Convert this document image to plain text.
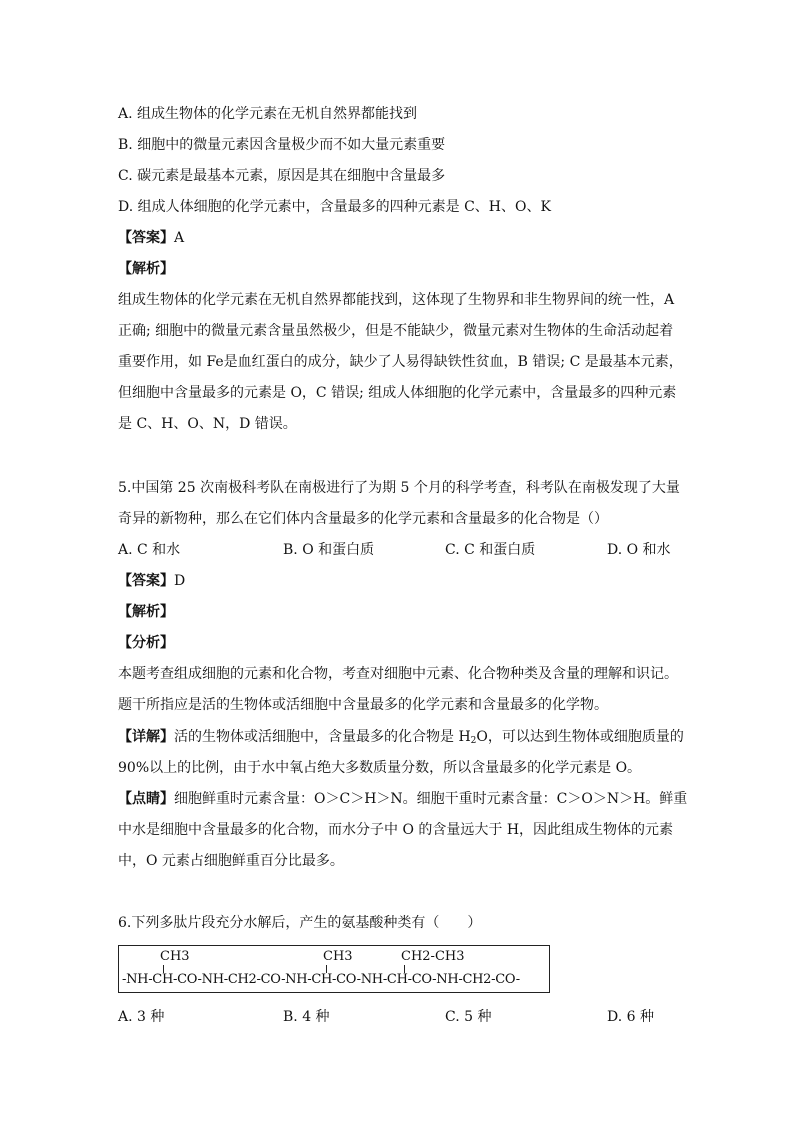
A. 组成生物体的化学元素在无机自然界都能找到
B. 细胞中的微量元素因含量极少而不如大量元素重要
C. 碳元素是最基本元素，原因是其在细胞中含量最多
D. 组成人体细胞的化学元素中，含量最多的四种元素是 C、H、O、K
【答案】A
【解析】
组成生物体的化学元素在无机自然界都能找到，这体现了生物界和非生物界间的统一性，A
正确; 细胞中的微量元素含量虽然极少，但是不能缺少，微量元素对生物体的生命活动起着
重要作用，如 Fe是血红蛋白的成分，缺少了人易得缺铁性贫血，B 错误; C 是最基本元素，
但细胞中含量最多的元素是 O，C 错误; 组成人体细胞的化学元素中，含量最多的四种元素
是 C、H、O、N，D 错误。
5.中国第 25 次南极科考队在南极进行了为期 5 个月的科学考查，科考队在南极发现了大量
奇异的新物种，那么在它们体内含量最多的化学元素和含量最多的化合物是（）
A. C 和水	B. O 和蛋白质	C. C 和蛋白质	D. O 和水
【答案】D
【解析】
【分析】
本题考查组成细胞的元素和化合物，考查对细胞中元素、化合物种类及含量的理解和识记。
题干所指应是活的生物体或活细胞中含量最多的化学元素和含量最多的化学物。
【详解】活的生物体或活细胞中，含量最多的化合物是 $H_2O$，可以达到生物体或细胞质量的
90%以上的比例，由于水中氧占绝大多数质量分数，所以含量最多的化学元素是 O。
【点睛】细胞鲜重时元素含量：O＞C＞H＞N。细胞干重时元素含量：C＞O＞N＞H。鲜重
中水是细胞中含量最多的化合物，而水分子中 O 的含量远大于 H，因此组成生物体的元素
中，O 元素占细胞鲜重百分比最多。
6.下列多肽片段充分水解后，产生的氨基酸种类有（　　）
CH3	CH3	CH2-CH3
-NH-CH-CO-NH-CH2-CO-NH-CH-CO-NH-CH-CO-NH-CH2-CO-
A. 3 种	B. 4 种	C. 5 种	D. 6 种
